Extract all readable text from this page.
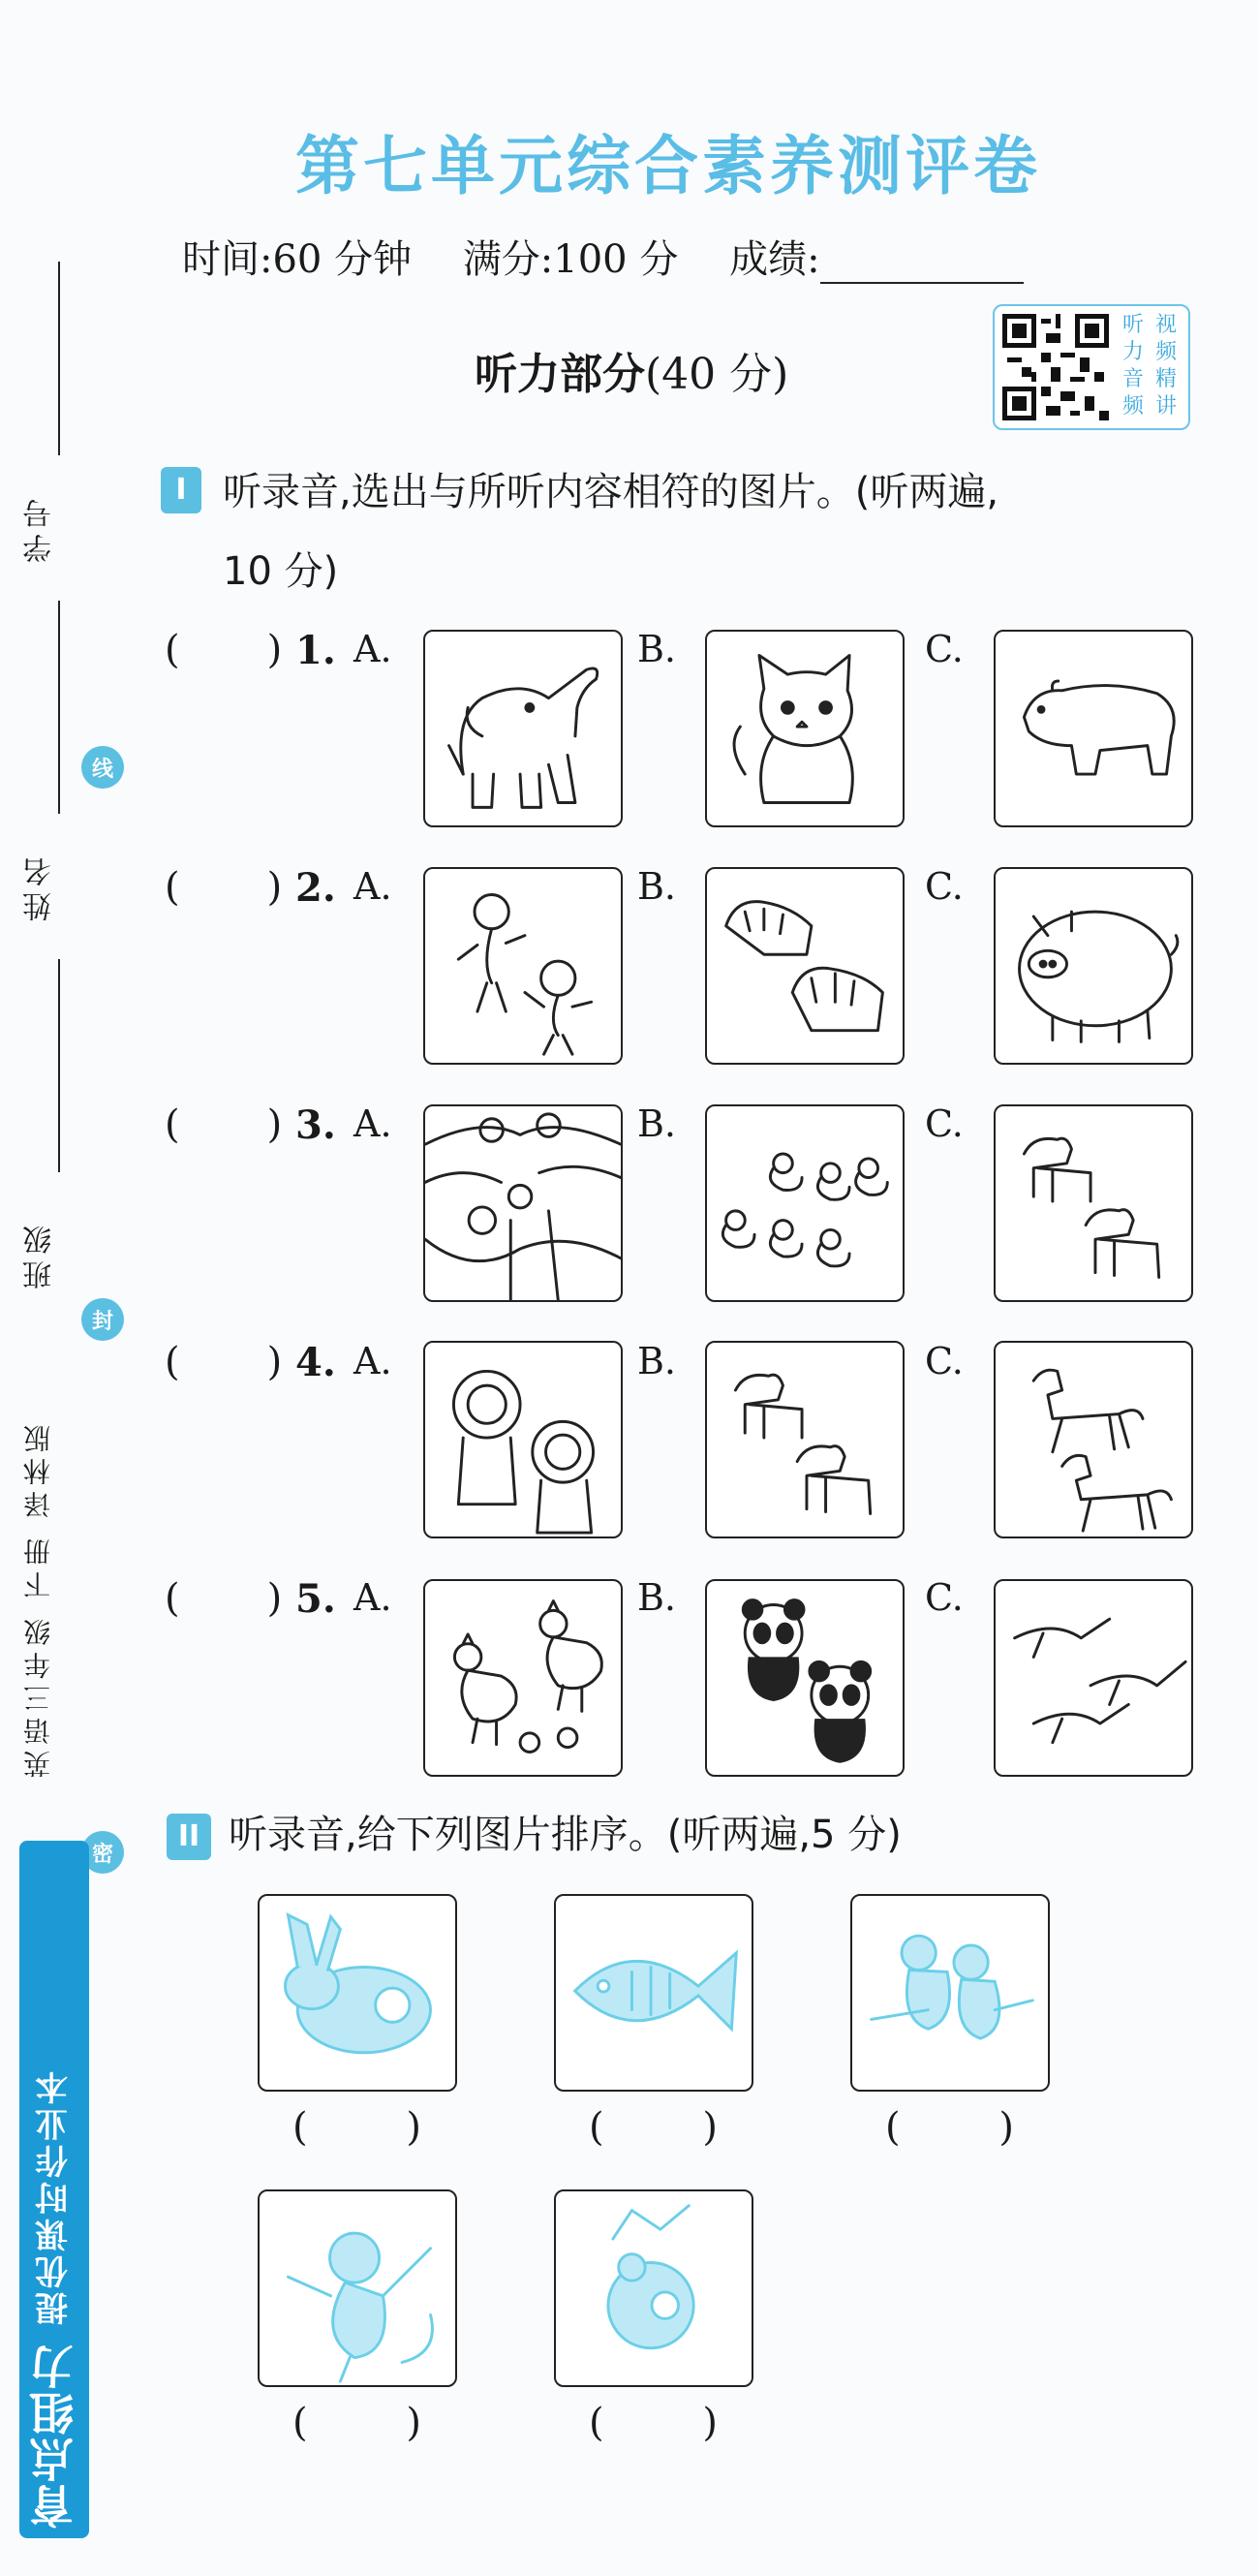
学号
线
姓名
班级
封
英语三年级 下册 译林版
密
育点组力
提优课时作业本
第七单元综合素养测评卷
时间:60 分钟 满分:100 分 成绩:
听 视
力 频
音 精
频 讲
听力部分(40 分)
I 听录音,选出与所听内容相符的图片。(听两遍,
10 分)
( ) 1. A.	B.	C.
( ) 2. A.	B.	C.
( ) 3. A.	B.	C.
( ) 4. A.	B.	C.
( ) 5. A.	B.	C.
II 听录音,给下列图片排序。(听两遍,5 分)
(        )	(        )	(        )
(        )	(        )
